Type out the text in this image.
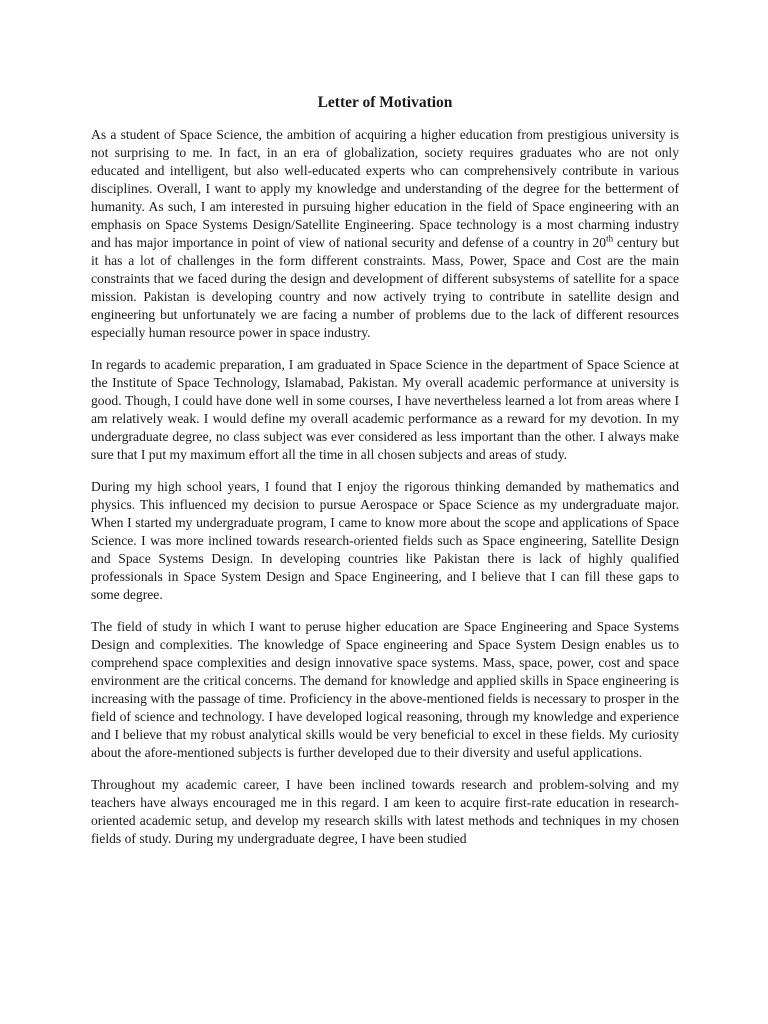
Letter of Motivation

As a student of Space Science, the ambition of acquiring a higher education from prestigious university is not surprising to me. In fact, in an era of globalization, society requires graduates who are not only educated and intelligent, but also well-educated experts who can comprehensively contribute in various disciplines. Overall, I want to apply my knowledge and understanding of the degree for the betterment of humanity. As such, I am interested in pursuing higher education in the field of Space engineering with an emphasis on Space Systems Design/Satellite Engineering. Space technology is a most charming industry and has major importance in point of view of national security and defense of a country in 20th century but it has a lot of challenges in the form different constraints. Mass, Power, Space and Cost are the main constraints that we faced during the design and development of different subsystems of satellite for a space mission. Pakistan is developing country and now actively trying to contribute in satellite design and engineering but unfortunately we are facing a number of problems due to the lack of different resources especially human resource power in space industry.

In regards to academic preparation, I am graduated in Space Science in the department of Space Science at the Institute of Space Technology, Islamabad, Pakistan. My overall academic performance at university is good. Though, I could have done well in some courses, I have nevertheless learned a lot from areas where I am relatively weak. I would define my overall academic performance as a reward for my devotion. In my undergraduate degree, no class subject was ever considered as less important than the other. I always make sure that I put my maximum effort all the time in all chosen subjects and areas of study.

During my high school years, I found that I enjoy the rigorous thinking demanded by mathematics and physics. This influenced my decision to pursue Aerospace or Space Science as my undergraduate major. When I started my undergraduate program, I came to know more about the scope and applications of Space Science. I was more inclined towards research-oriented fields such as Space engineering, Satellite Design and Space Systems Design. In developing countries like Pakistan there is lack of highly qualified professionals in Space System Design and Space Engineering, and I believe that I can fill these gaps to some degree.

The field of study in which I want to peruse higher education are Space Engineering and Space Systems Design and complexities. The knowledge of Space engineering and Space System Design enables us to comprehend space complexities and design innovative space systems. Mass, space, power, cost and space environment are the critical concerns. The demand for knowledge and applied skills in Space engineering is increasing with the passage of time. Proficiency in the above-mentioned fields is necessary to prosper in the field of science and technology. I have developed logical reasoning, through my knowledge and experience and I believe that my robust analytical skills would be very beneficial to excel in these fields. My curiosity about the afore-mentioned subjects is further developed due to their diversity and useful applications.

Throughout my academic career, I have been inclined towards research and problem-solving and my teachers have always encouraged me in this regard. I am keen to acquire first-rate education in research-oriented academic setup, and develop my research skills with latest methods and techniques in my chosen fields of study. During my undergraduate degree, I have been studied
